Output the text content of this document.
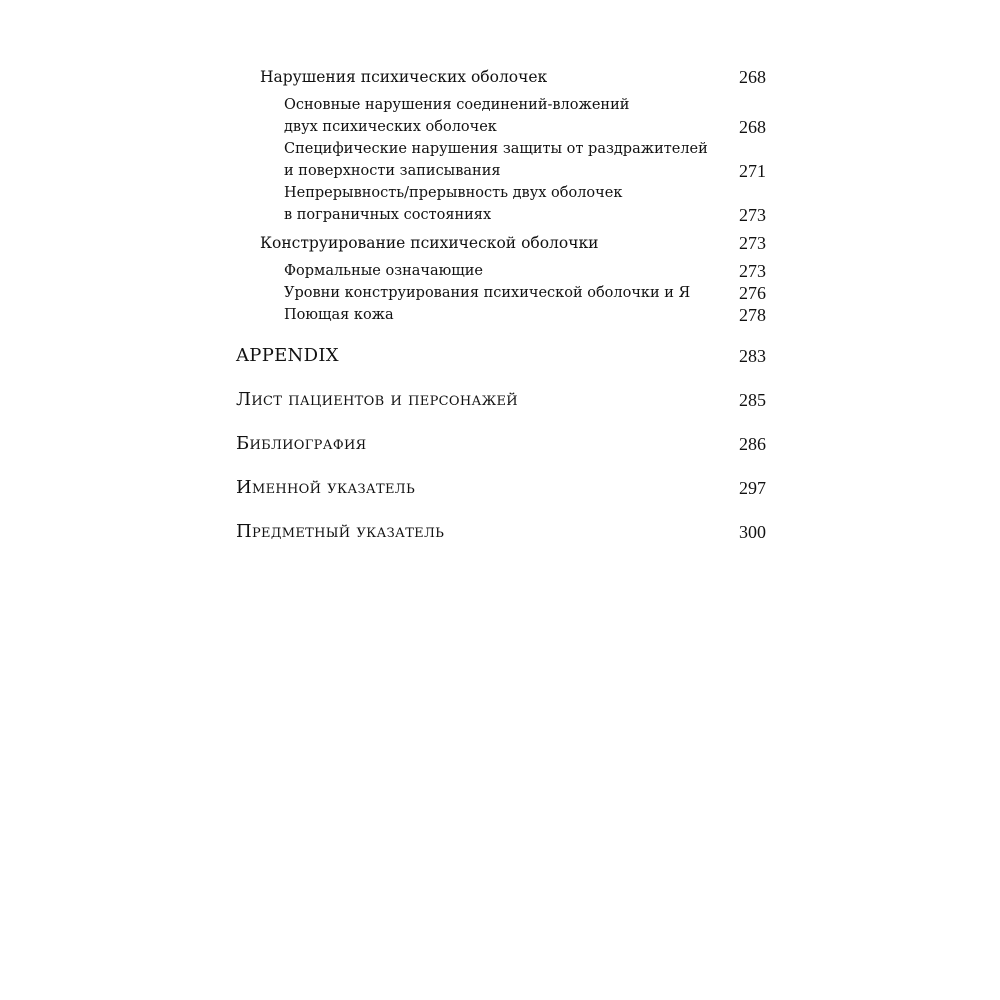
Нарушения психических оболочек	268
Основные нарушения соединений-вложений
двух психических оболочек	268
Специфические нарушения защиты от раздражителей
и поверхности записывания	271
Непрерывность/прерывность двух оболочек
в пограничных состояниях	273
Конструирование психической оболочки	273
Формальные означающие	273
Уровни конструирования психической оболочки и Я	276
Поющая кожа	278
APPENDIX	283
Лист пациентов и персонажей	285
Библиография	286
Именной указатель	297
Предметный указатель	300
